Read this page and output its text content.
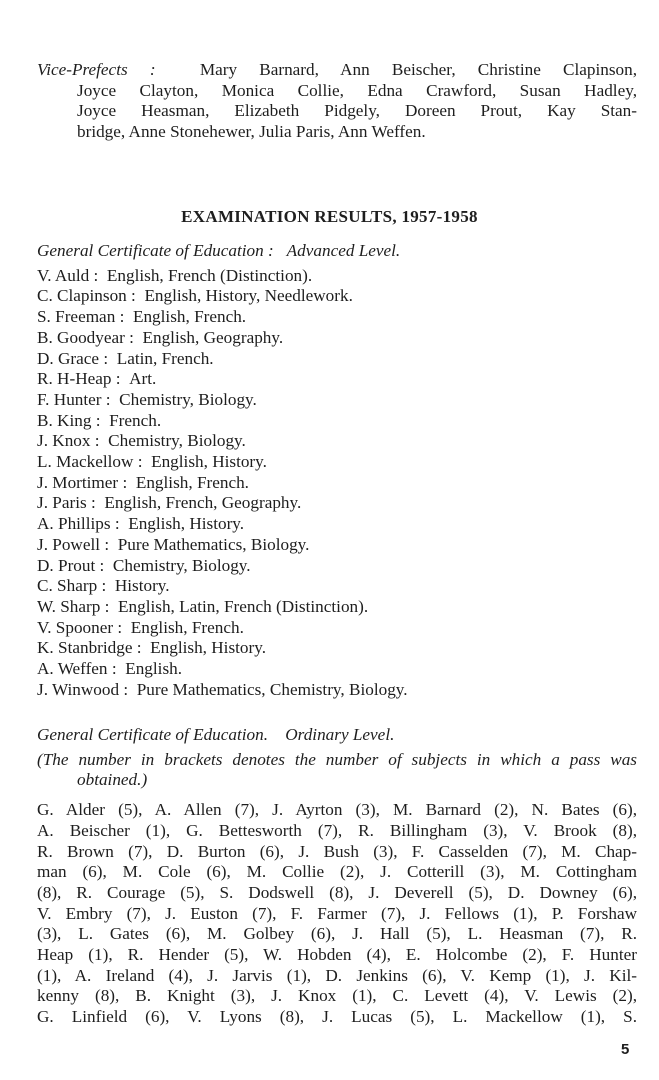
Vice-Prefects :	Mary Barnard, Ann Beischer, Christine Clapinson,
Joyce Clayton, Monica Collie, Edna Crawford, Susan Hadley,
Joyce Heasman, Elizabeth Pidgely, Doreen Prout, Kay Stan-
bridge, Anne Stonehewer, Julia Paris, Ann Weffen.
EXAMINATION RESULTS, 1957-1958
General Certificate of Education : Advanced Level.
V. Auld : English, French (Distinction).
C. Clapinson : English, History, Needlework.
S. Freeman : English, French.
B. Goodyear : English, Geography.
D. Grace : Latin, French.
R. H-Heap : Art.
F. Hunter : Chemistry, Biology.
B. King : French.
J. Knox : Chemistry, Biology.
L. Mackellow : English, History.
J. Mortimer : English, French.
J. Paris : English, French, Geography.
A. Phillips : English, History.
J. Powell : Pure Mathematics, Biology.
D. Prout : Chemistry, Biology.
C. Sharp : History.
W. Sharp : English, Latin, French (Distinction).
V. Spooner : English, French.
K. Stanbridge : English, History.
A. Weffen : English.
J. Winwood : Pure Mathematics, Chemistry, Biology.
General Certificate of Education. Ordinary Level.
(The number in brackets denotes the number of subjects in which a pass was
obtained.)
G. Alder (5), A. Allen (7), J. Ayrton (3), M. Barnard (2), N. Bates (6),
A. Beischer (1), G. Bettesworth (7), R. Billingham (3), V. Brook (8),
R. Brown (7), D. Burton (6), J. Bush (3), F. Casselden (7), M. Chap-
man (6), M. Cole (6), M. Collie (2), J. Cotterill (3), M. Cottingham
(8), R. Courage (5), S. Dodswell (8), J. Deverell (5), D. Downey (6),
V. Embry (7), J. Euston (7), F. Farmer (7), J. Fellows (1), P. Forshaw
(3), L. Gates (6), M. Golbey (6), J. Hall (5), L. Heasman (7), R.
Heap (1), R. Hender (5), W. Hobden (4), E. Holcombe (2), F. Hunter
(1), A. Ireland (4), J. Jarvis (1), D. Jenkins (6), V. Kemp (1), J. Kil-
kenny (8), B. Knight (3), J. Knox (1), C. Levett (4), V. Lewis (2),
G. Linfield (6), V. Lyons (8), J. Lucas (5), L. Mackellow (1), S.
5
